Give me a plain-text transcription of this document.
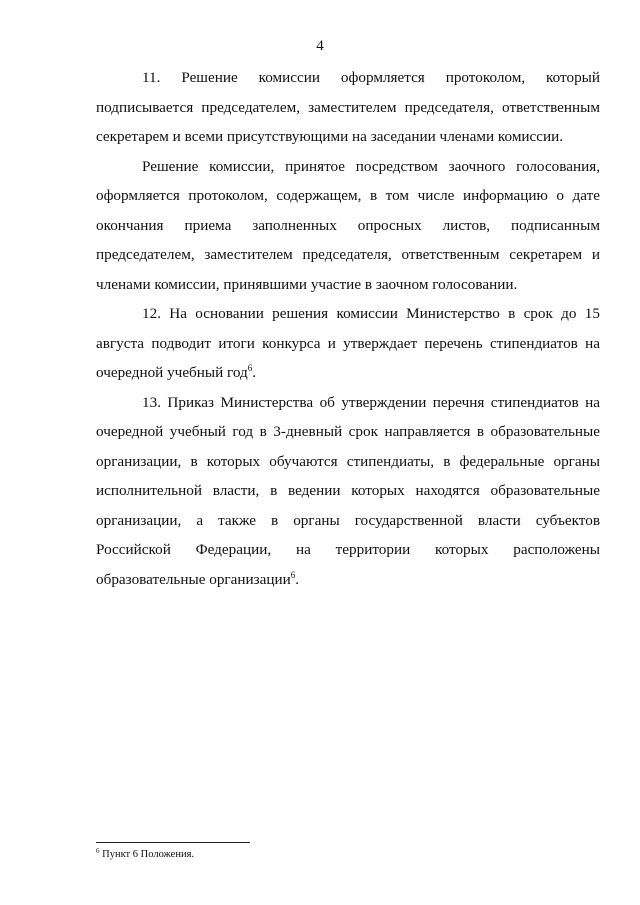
4

11. Решение комиссии оформляется протоколом, который подписывается председателем, заместителем председателя, ответственным секретарем и всеми присутствующими на заседании членами комиссии.

Решение комиссии, принятое посредством заочного голосования, оформляется протоколом, содержащем, в том числе информацию о дате окончания приема заполненных опросных листов, подписанным председателем, заместителем председателя, ответственным секретарем и членами комиссии, принявшими участие в заочном голосовании.

12. На основании решения комиссии Министерство в срок до 15 августа подводит итоги конкурса и утверждает перечень стипендиатов на очередной учебный год$^6$.

13. Приказ Министерства об утверждении перечня стипендиатов на очередной учебный год в 3-дневный срок направляется в образовательные организации, в которых обучаются стипендиаты, в федеральные органы исполнительной власти, в ведении которых находятся образовательные организации, а также в органы государственной власти субъектов Российской Федерации, на территории которых расположены образовательные организации$^6$.

$^6$ Пункт 6 Положения.
